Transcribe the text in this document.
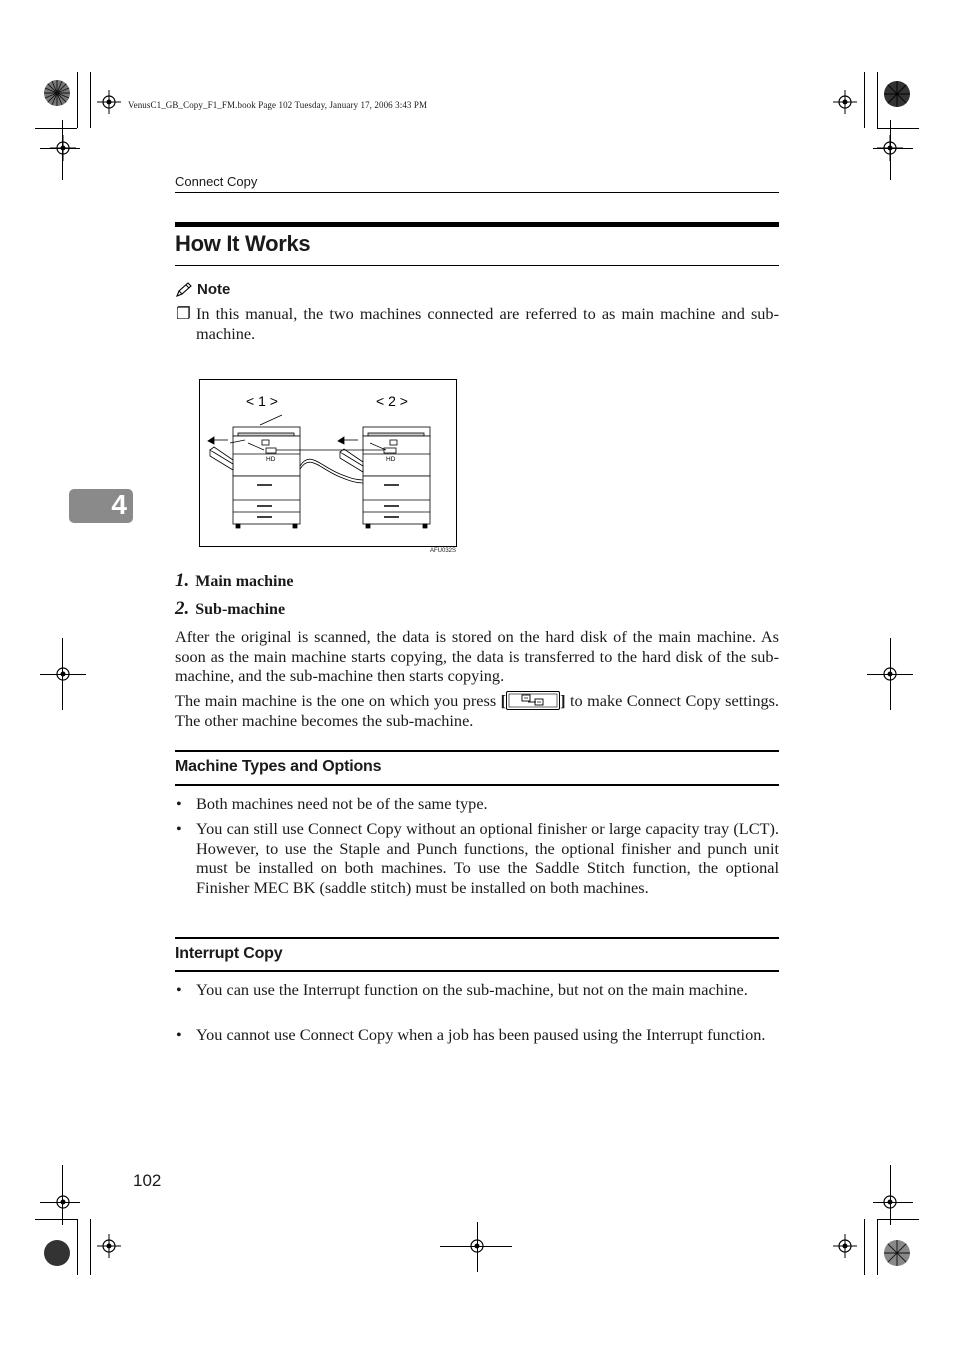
VenusC1_GB_Copy_F1_FM.book Page 102 Tuesday, January 17, 2006 3:43 PM
Connect Copy
How It Works
Note
❐ In this manual, the two machines connected are referred to as main machine and sub-machine.
< 1 >	< 2 >
HD	HD
AFU032S
4
1. Main machine
2. Sub-machine
After the original is scanned, the data is stored on the hard disk of the main machine. As soon as the main machine starts copying, the data is transferred to the hard disk of the sub-machine, and the sub-machine then starts copying.
The main machine is the one on which you press [	] to make Connect Copy settings. The other machine becomes the sub-machine.
Machine Types and Options
• Both machines need not be of the same type.
• You can still use Connect Copy without an optional finisher or large capacity tray (LCT). However, to use the Staple and Punch functions, the optional finisher and punch unit must be installed on both machines. To use the Saddle Stitch function, the optional Finisher MEC BK (saddle stitch) must be installed on both machines.
Interrupt Copy
• You can use the Interrupt function on the sub-machine, but not on the main machine.
• You cannot use Connect Copy when a job has been paused using the Interrupt function.
102
